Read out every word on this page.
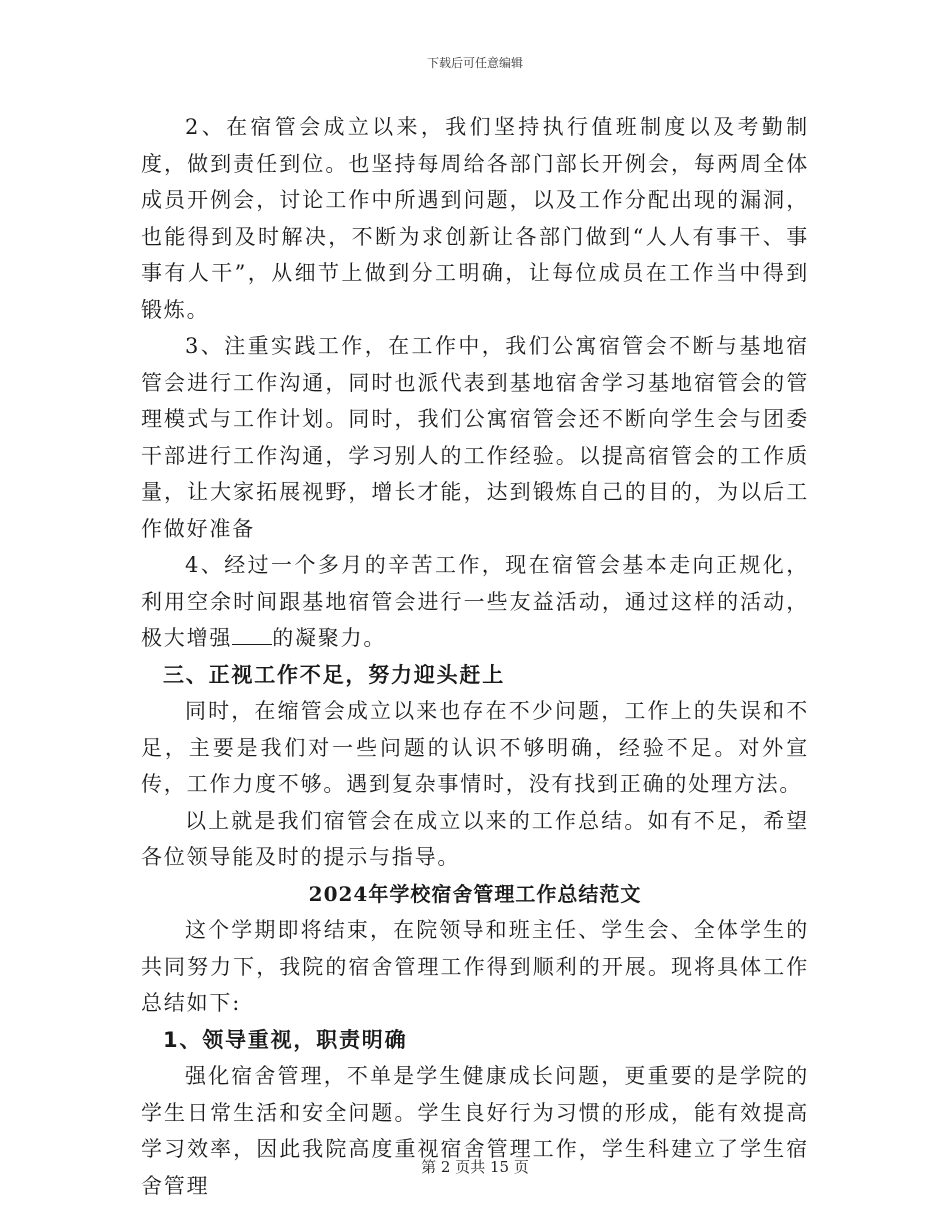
下载后可任意编辑

2、在宿管会成立以来，我们坚持执行值班制度以及考勤制度，做到责任到位。也坚持每周给各部门部长开例会，每两周全体成员开例会，讨论工作中所遇到问题，以及工作分配出现的漏洞，也能得到及时解决，不断为求创新让各部门做到“人人有事干、事事有人干”，从细节上做到分工明确，让每位成员在工作当中得到锻炼。

3、注重实践工作，在工作中，我们公寓宿管会不断与基地宿管会进行工作沟通，同时也派代表到基地宿舍学习基地宿管会的管理模式与工作计划。同时，我们公寓宿管会还不断向学生会与团委干部进行工作沟通，学习别人的工作经验。以提高宿管会的工作质量，让大家拓展视野，增长才能，达到锻炼自己的目的，为以后工作做好准备

4、经过一个多月的辛苦工作，现在宿管会基本走向正规化，利用空余时间跟基地宿管会进行一些友益活动，通过这样的活动，极大增强 的凝聚力。

三、正视工作不足，努力迎头赶上

同时，在缩管会成立以来也存在不少问题，工作上的失误和不足，主要是我们对一些问题的认识不够明确，经验不足。对外宣传，工作力度不够。遇到复杂事情时，没有找到正确的处理方法。

以上就是我们宿管会在成立以来的工作总结。如有不足，希望各位领导能及时的提示与指导。

2024年学校宿舍管理工作总结范文

这个学期即将结束，在院领导和班主任、学生会、全体学生的共同努力下，我院的宿舍管理工作得到顺利的开展。现将具体工作总结如下:

1、领导重视，职责明确

强化宿舍管理，不单是学生健康成长问题，更重要的是学院的学生日常生活和安全问题。学生良好行为习惯的形成，能有效提高学习效率，因此我院高度重视宿舍管理工作，学生科建立了学生宿舍管理

第 2 页共 15 页
